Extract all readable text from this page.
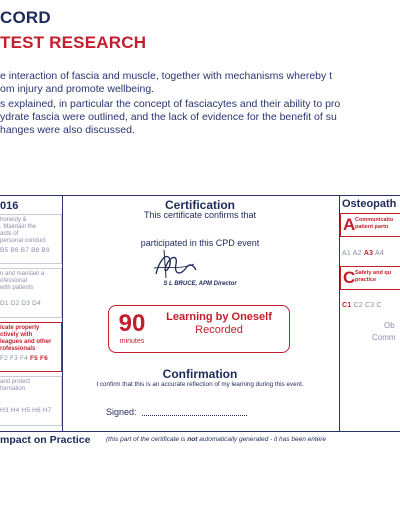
CORD
TEST RESEARCH
e interaction of fascia and muscle, together with mechanisms whereby t
om injury and promote wellbeing.
s explained, in particular the concept of fasciacytes and their ability to pro
ydrate fascia were outlined, and the lack of evidence for the benefit of su
hanges were also discussed.
016
honesty &
. Maintain the
ards of
personal conduct
B5 B6 B7 B8 B9
n and maintain a
ofessional
with patients
D1 D2 D3 D4
icate properly
ctively with
leagues and other
rofessionals
F2 F3 F4 F5 F6
and protect
formation
H3 H4 H5 H6 H7
Certification
This certificate confirms that
participated in this CPD event
S L BRUCE, APM Director
90
minutes
Learning by Oneself
Recorded
Confirmation
I confirm that this is an accurate reflection of my learning during this event.
Signed:
Osteopath
A Communicatio
patient partn
A1 A2 A3 A4
C Safety and qu
practice
C1 C2 C3 C
Ob
Comm
mpact on Practice (this part of the certificate is not automatically generated - it has been entere
